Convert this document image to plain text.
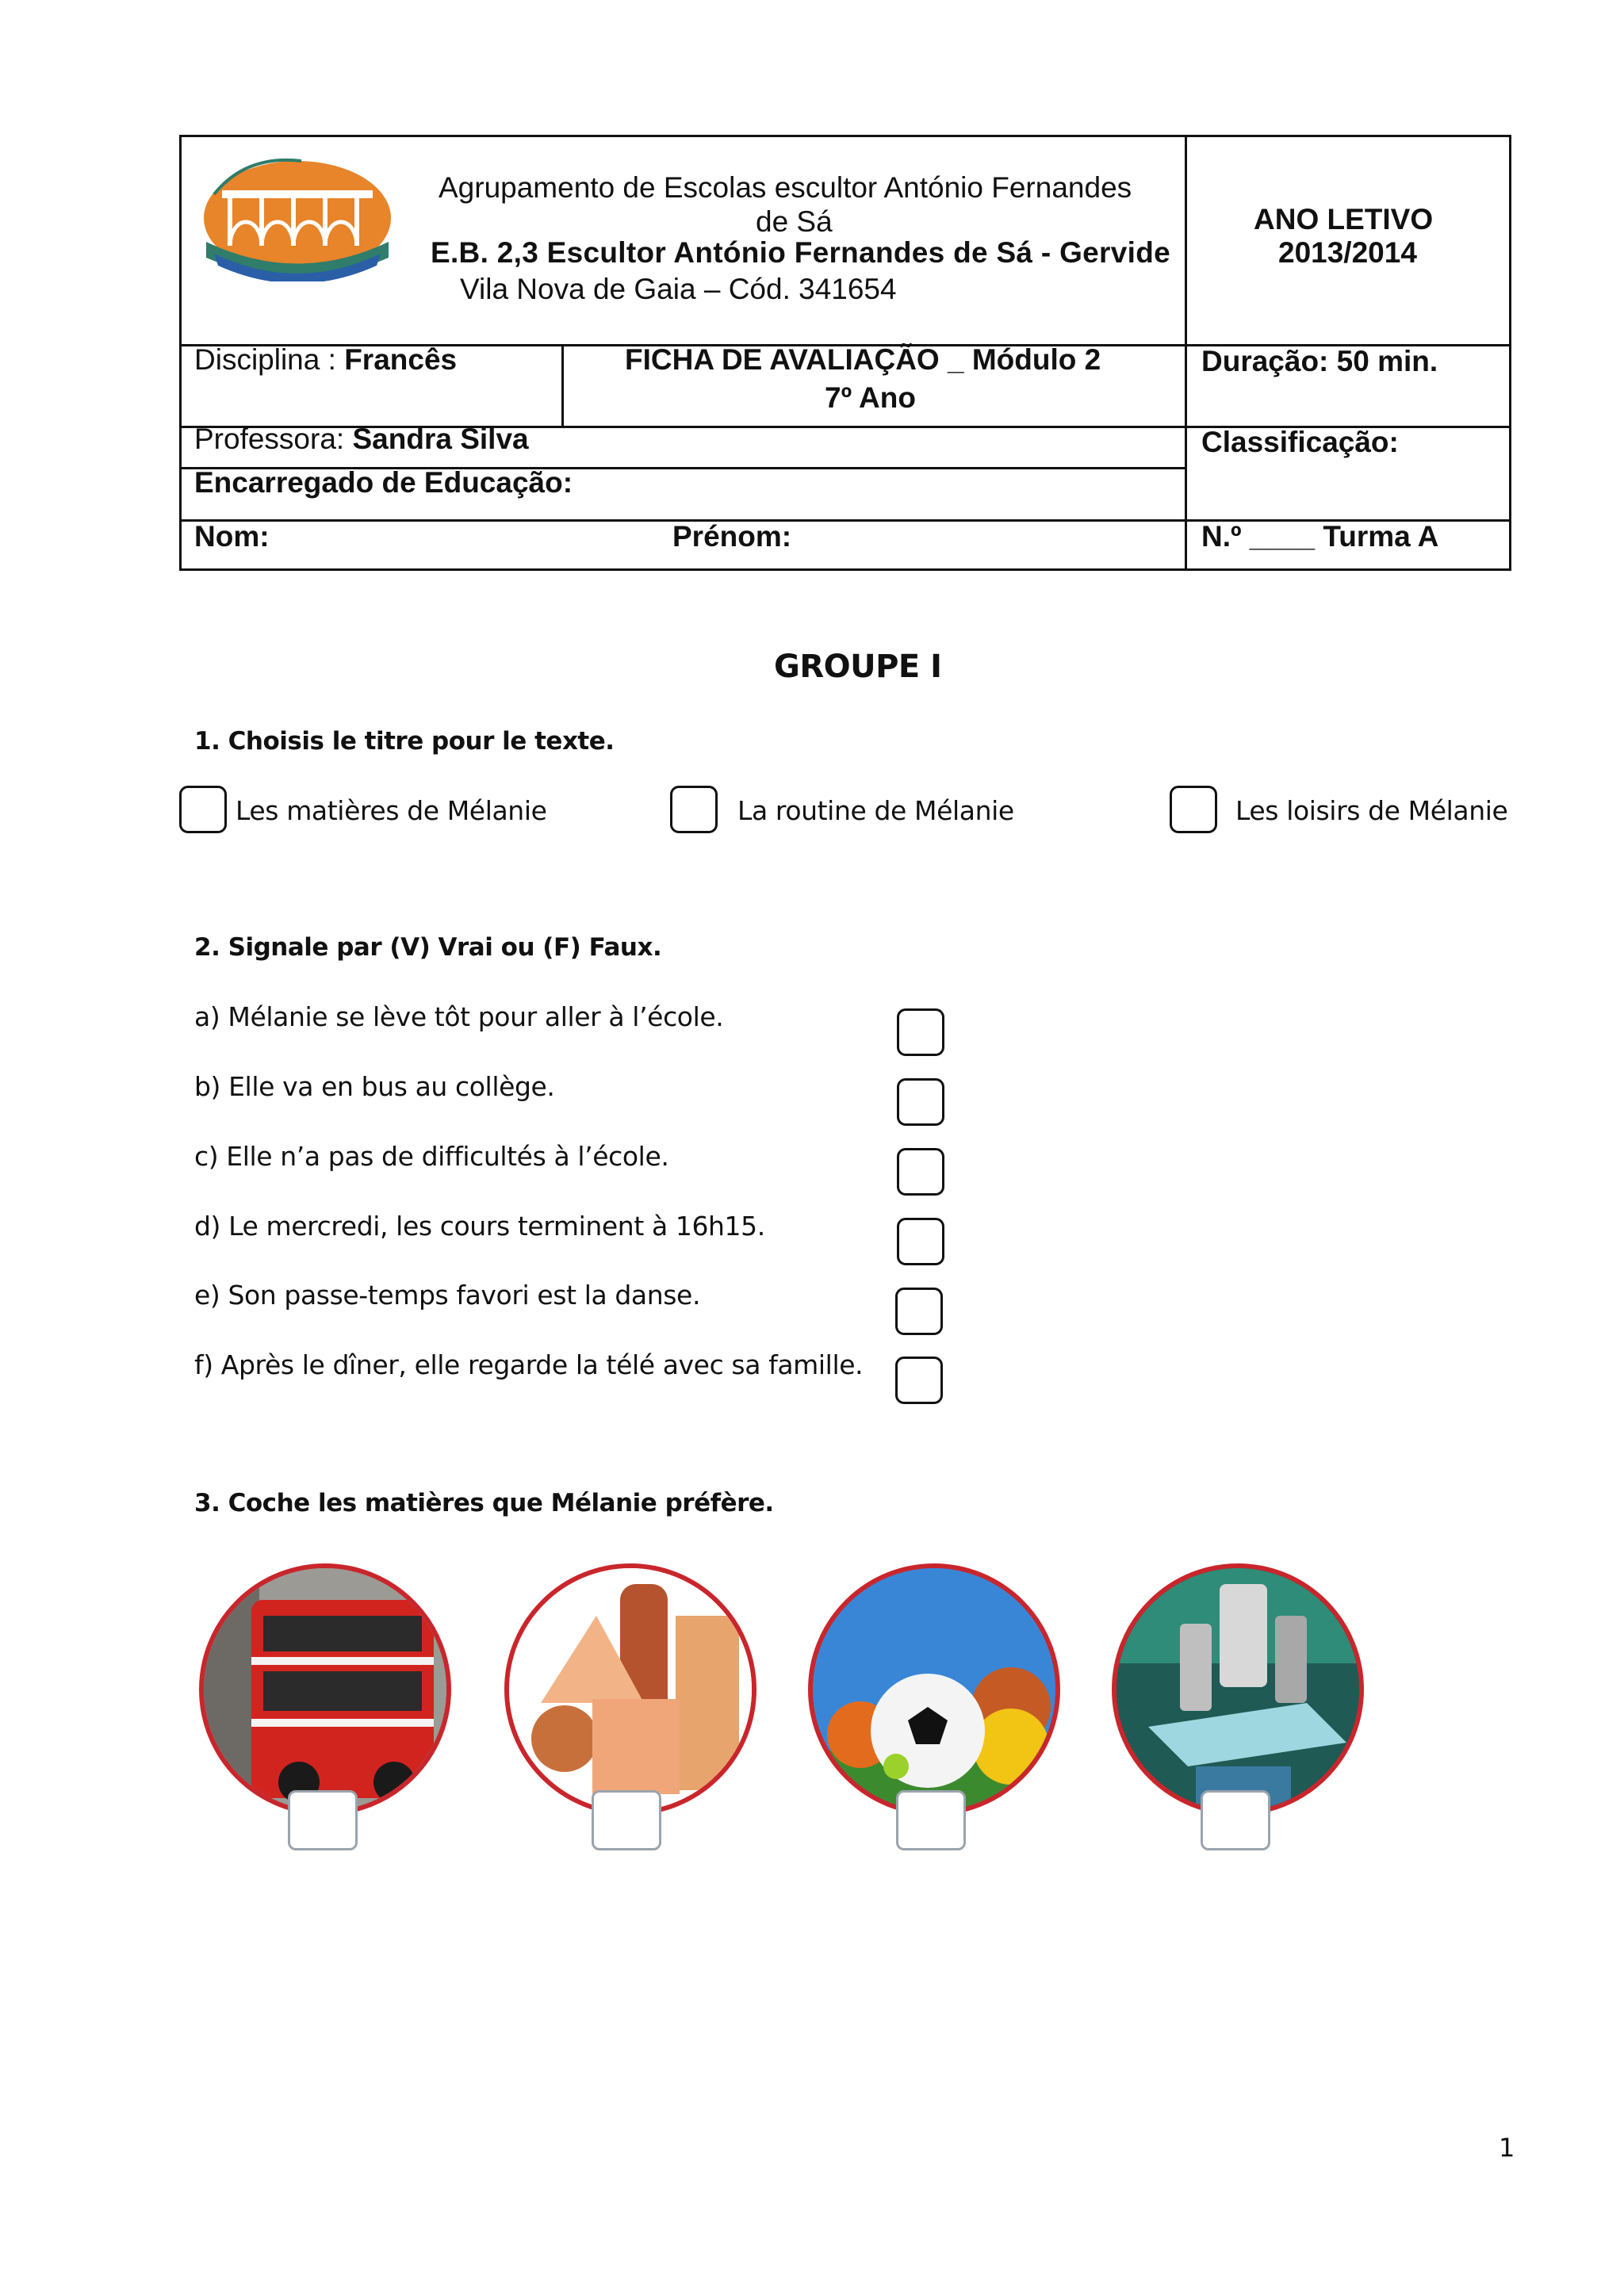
Agrupamento de Escolas escultor António Fernandes
de Sá
E.B. 2,3 Escultor António Fernandes de Sá - Gervide
Vila Nova de Gaia – Cód. 341654
ANO LETIVO
2013/2014
Disciplina : Francês	FICHA DE AVALIAÇÃO _ Módulo 2
7º Ano
Duração: 50 min.
Professora: Sandra Silva	Classificação:
Encarregado de Educação:
Nom:	Prénom:	N.º ____ Turma A
GROUPE I
1. Choisis le titre pour le texte.
Les matières de Mélanie	La routine de Mélanie	Les loisirs de Mélanie
2. Signale par (V) Vrai ou (F) Faux.
a) Mélanie se lève tôt pour aller à l’école.
b) Elle va en bus au collège.
c) Elle n’a pas de difficultés à l’école.
d) Le mercredi, les cours terminent à 16h15.
e) Son passe-temps favori est la danse.
f) Après le dîner, elle regarde la télé avec sa famille.
3. Coche les matières que Mélanie préfère.
1
